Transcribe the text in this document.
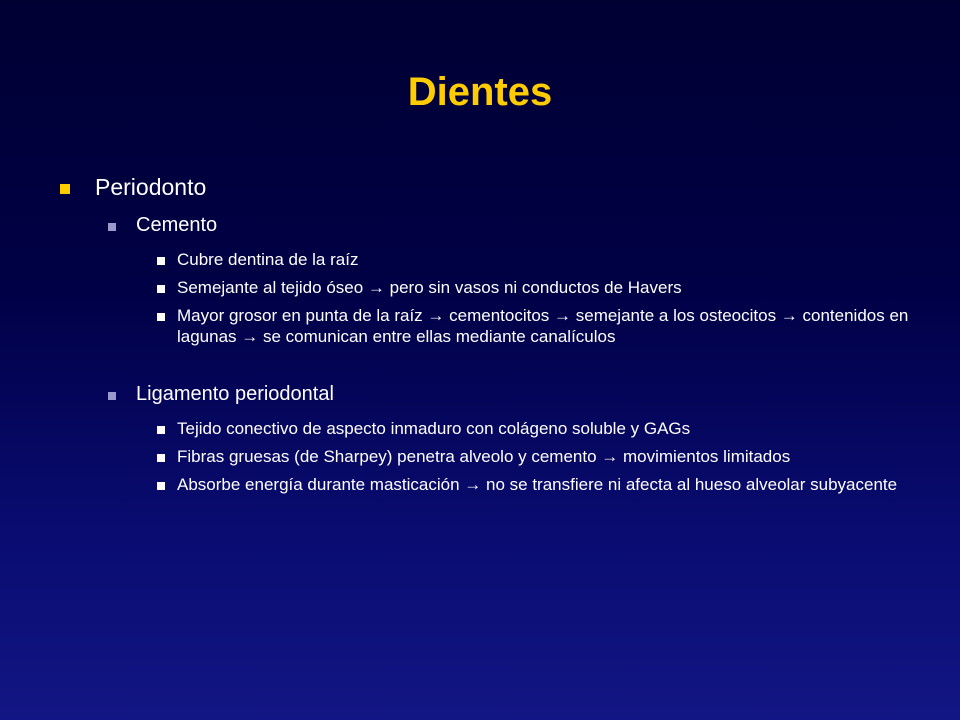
Dientes
Periodonto
Cemento
Cubre dentina de la raíz
Semejante al tejido óseo → pero sin vasos ni conductos de Havers
Mayor grosor en punta de la raíz → cementocitos → semejante a los osteocitos → contenidos en lagunas → se comunican entre ellas mediante canalículos
Ligamento periodontal
Tejido conectivo de aspecto inmaduro con colágeno soluble y GAGs
Fibras gruesas (de Sharpey) penetra alveolo y cemento → movimientos limitados
Absorbe energía durante masticación → no se transfiere ni afecta al hueso alveolar subyacente
